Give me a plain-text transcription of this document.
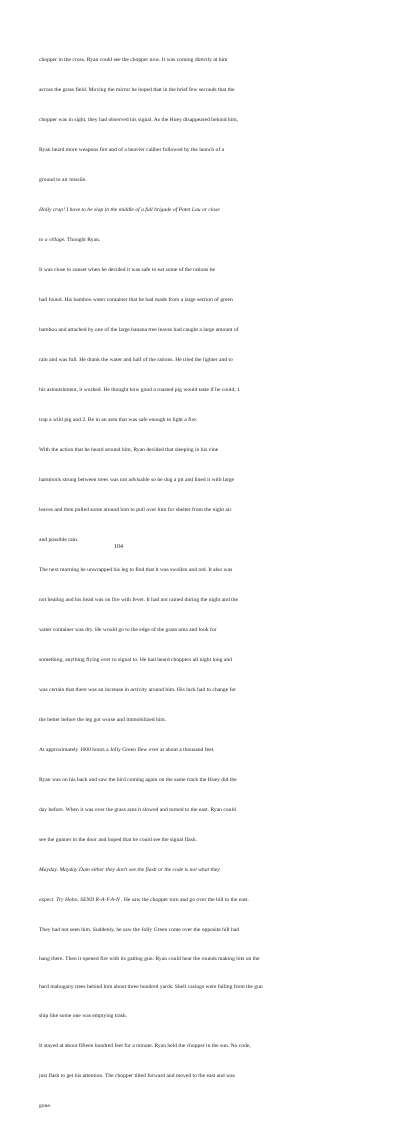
chopper in the cross. Ryan could see the chopper now. It was coming directly at him

across the grass field. Moving the mirror he hoped that in the brief few seconds that the

chopper was in sight, they had observed his signal. As the Huey disappeared behind him,

Ryan heard more weapons fire and of a heavier caliber followed by the launch of a

ground to air missile.

Holly crap! I have to be slap in the middle of a full brigade of Patet Lau or close

to a village. Thought Ryan.

It was close to sunset when he decided it was safe to eat some of the rations he

had found. His bamboo water container that he had made from a large section of green

bamboo and attached by one of the large banana tree leaves had caught a large amount of

rain and was full. He drank the water and half of the rations. He tried the lighter and to

his astonishment, it worked. He thought how good a roasted pig would taste if he could; 1

trap a wild pig and 2. Be in an area that was safe enough to light a fire.

With the action that he heard around him, Ryan decided that sleeping in his vine

hammock strung between trees was not advisable so he dug a pit and lined it with large

leaves and then pulled some around him to pull over him for shelter from the night air

and possible rain.

The next morning he unwrapped his leg to find that it was swollen and red. It also was

not healing and his head was on fire with fever. It had not rained during the night and the

water container was dry. He would go to the edge of the grass area and look for

something, anything flying over to signal to. He had heard choppers all night long and

was certain that there was an increase in activity around him. His luck had to change for

the better before the leg got worse and immobilized him.

At approximately 1000 hours a Jolly Green flew over at about a thousand feet.

Ryan was on his back and saw the bird coming again on the same track the Huey did the

day before. When it was over the grass area it slowed and turned to the east. Ryan could

see the gunner in the door and hoped that he could see the signal flash.

Mayday. Mayday Dam either they don't see the flash or the code is not what they

expect. Try Hobo, SEND R-A-Y-A-N . He saw the chopper turn and go over the hill to the east.

They had not seen him. Suddenly, he saw the Jolly Green come over the opposite hill had

hang there. Then it opened fire with its gatling gun. Ryan could hear the rounds making hits on the

hard mahogany trees behind him about three hundred yards. Shell casings were falling from the gun

ship like some one was emptying trash.

It stayed at about fifteen hundred feet for a minute. Ryan held the chopper in the sun. No code,

just flash to get his attention. The chopper tilted forward and moved to the east and was

gone.

104
